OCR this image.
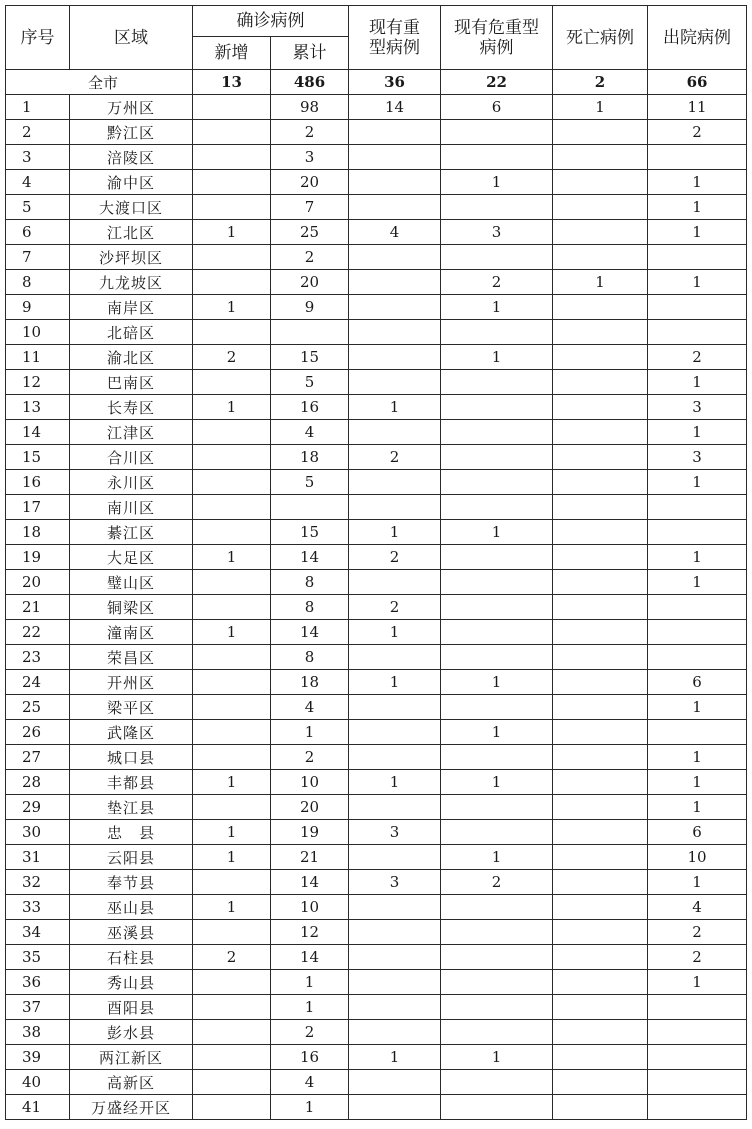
序号	区域	确诊病例		现有重型病例	现有危重型病例	死亡病例	出院病例
		新增	累计				
全市		13	486	36	22	2	66
1	万州区		98	14	6	1	11
2	黔江区		2				2
3	涪陵区		3				
4	渝中区		20		1		1
5	大渡口区		7				1
6	江北区	1	25	4	3		1
7	沙坪坝区		2				
8	九龙坡区		20		2	1	1
9	南岸区	1	9		1		
10	北碚区						
11	渝北区	2	15		1		2
12	巴南区		5				1
13	长寿区	1	16	1			3
14	江津区		4				1
15	合川区		18	2			3
16	永川区		5				1
17	南川区						
18	綦江区		15	1	1		
19	大足区	1	14	2			1
20	璧山区		8				1
21	铜梁区		8	2			
22	潼南区	1	14	1			
23	荣昌区		8				
24	开州区		18	1	1		6
25	梁平区		4				1
26	武隆区		1		1		
27	城口县		2				1
28	丰都县	1	10	1	1		1
29	垫江县		20				1
30	忠　县	1	19	3			6
31	云阳县	1	21		1		10
32	奉节县		14	3	2		1
33	巫山县	1	10				4
34	巫溪县		12				2
35	石柱县	2	14				2
36	秀山县		1				1
37	酉阳县		1				
38	彭水县		2				
39	两江新区		16	1	1		
40	高新区		4				
41	万盛经开区		1				
